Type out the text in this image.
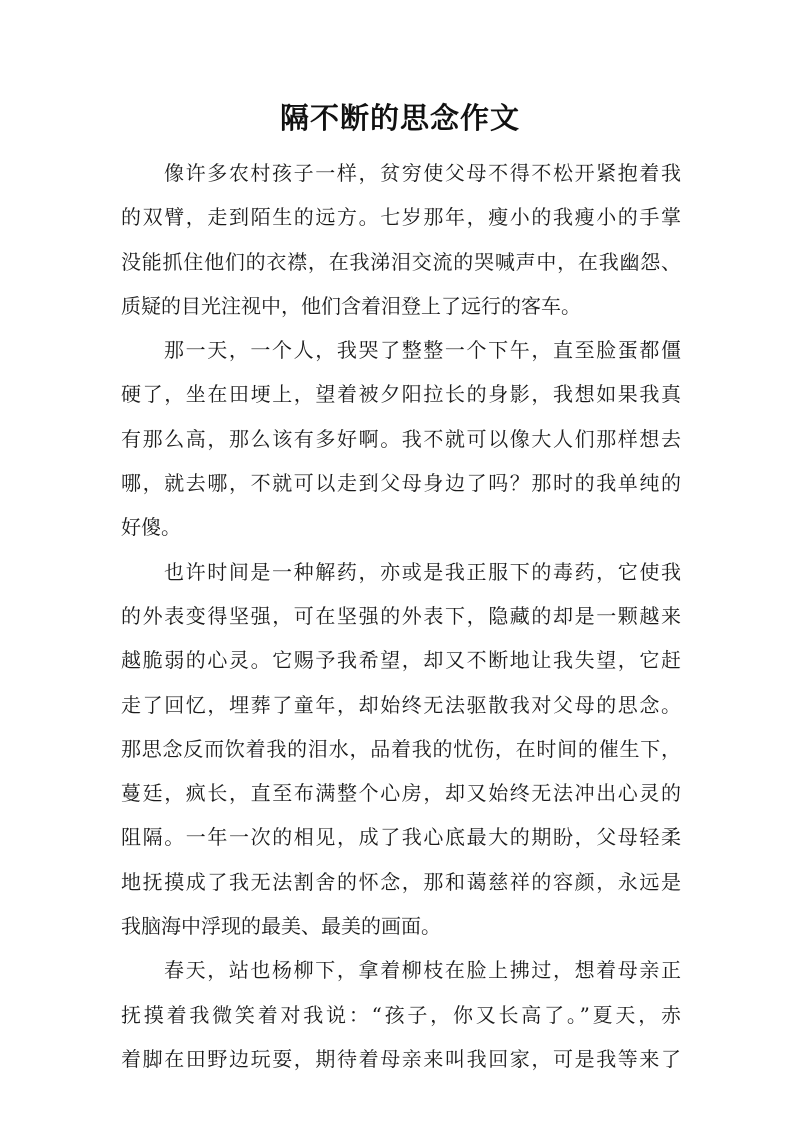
隔不断的思念作文
像许多农村孩子一样，贫穷使父母不得不松开紧抱着我
的双臂，走到陌生的远方。七岁那年，瘦小的我瘦小的手掌
没能抓住他们的衣襟，在我涕泪交流的哭喊声中，在我幽怨、
质疑的目光注视中，他们含着泪登上了远行的客车。
那一天，一个人，我哭了整整一个下午，直至脸蛋都僵
硬了，坐在田埂上，望着被夕阳拉长的身影，我想如果我真
有那么高，那么该有多好啊。我不就可以像大人们那样想去
哪，就去哪，不就可以走到父母身边了吗？那时的我单纯的
好傻。
也许时间是一种解药，亦或是我正服下的毒药，它使我
的外表变得坚强，可在坚强的外表下，隐藏的却是一颗越来
越脆弱的心灵。它赐予我希望，却又不断地让我失望，它赶
走了回忆，埋葬了童年，却始终无法驱散我对父母的思念。
那思念反而饮着我的泪水，品着我的忧伤，在时间的催生下，
蔓廷，疯长，直至布满整个心房，却又始终无法冲出心灵的
阻隔。一年一次的相见，成了我心底最大的期盼，父母轻柔
地抚摸成了我无法割舍的怀念，那和蔼慈祥的容颜，永远是
我脑海中浮现的最美、最美的画面。
春天，站也杨柳下，拿着柳枝在脸上拂过，想着母亲正
抚摸着我微笑着对我说：“孩子，你又长高了。”夏天，赤
着脚在田野边玩耍，期待着母亲来叫我回家，可是我等来了
